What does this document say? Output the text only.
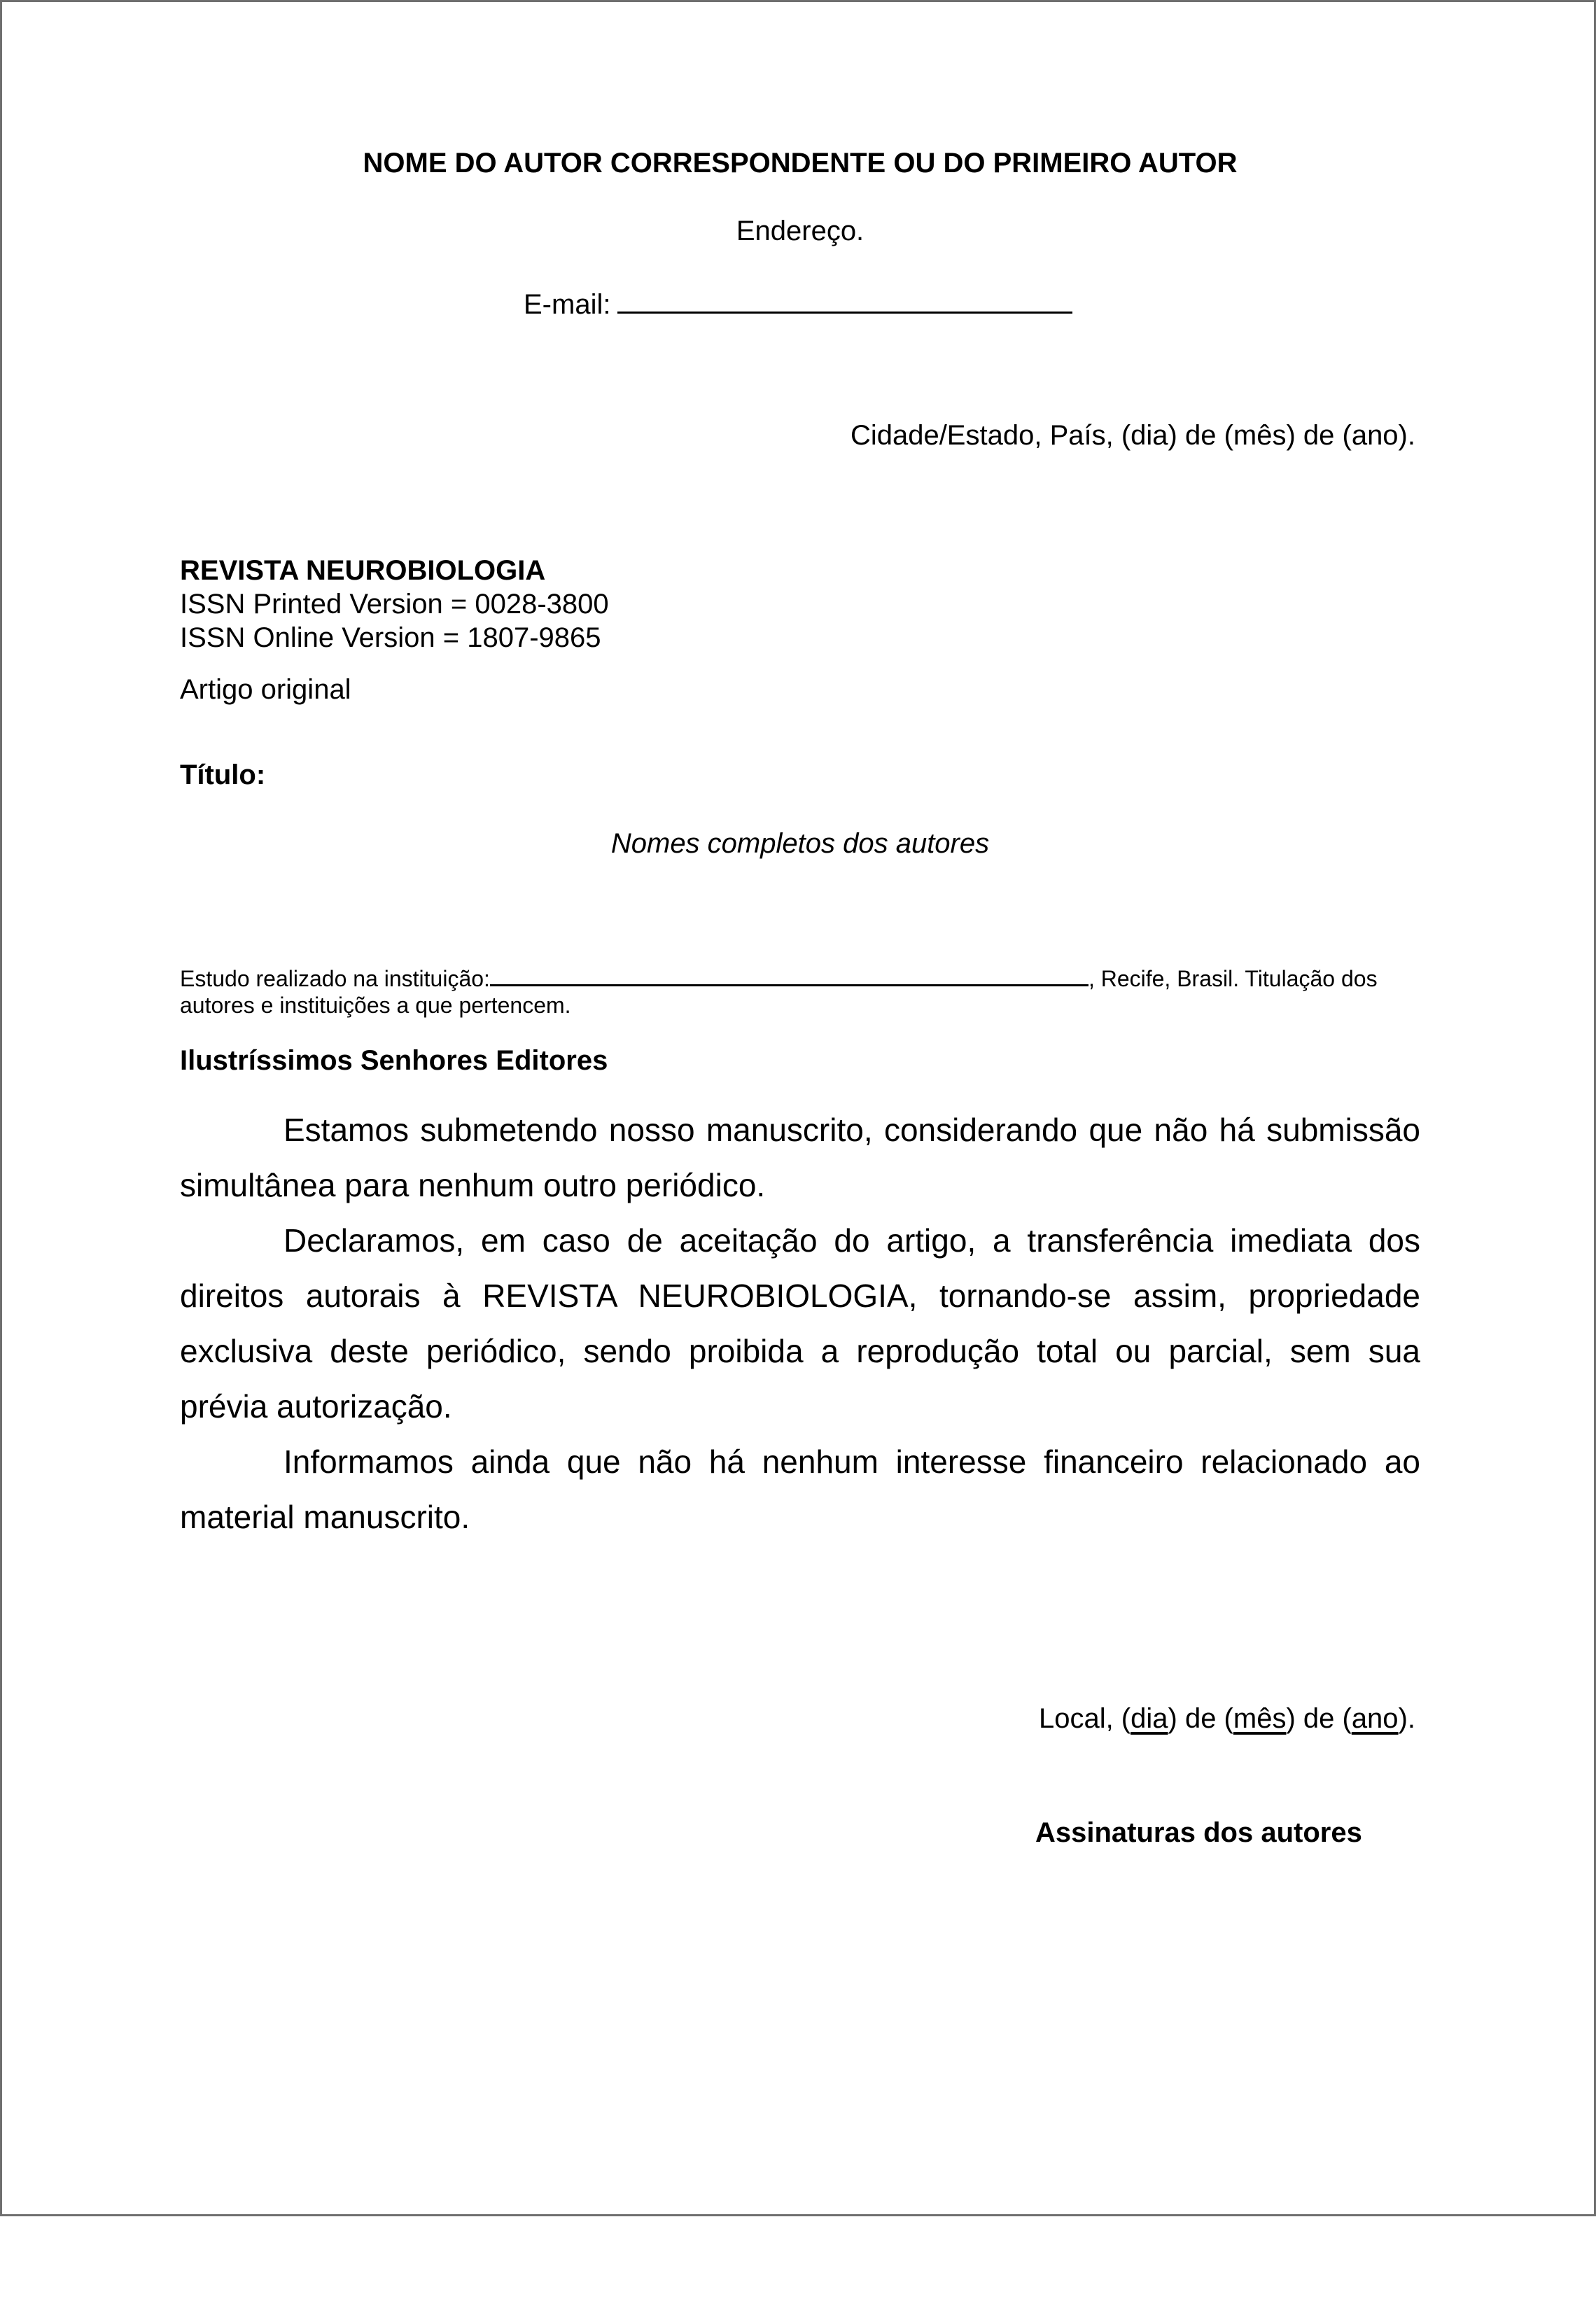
NOME DO AUTOR CORRESPONDENTE OU DO PRIMEIRO AUTOR

Endereço.

E-mail:

Cidade/Estado, País, (dia) de (mês) de (ano).

REVISTA NEUROBIOLOGIA

ISSN Printed Version = 0028-3800

ISSN Online Version = 1807-9865

Artigo original

Título:

Nomes completos dos autores

Estudo realizado na instituição:	, Recife, Brasil. Titulação dos
autores e instituições a que pertencem.

Ilustríssimos Senhores Editores

Estamos submetendo nosso manuscrito, considerando que não há submissão simultânea para nenhum outro periódico.

Declaramos, em caso de aceitação do artigo, a transferência imediata dos direitos autorais à REVISTA NEUROBIOLOGIA, tornando-se assim, propriedade exclusiva deste periódico, sendo proibida a reprodução total ou parcial, sem sua prévia autorização.

Informamos ainda que não há nenhum interesse financeiro relacionado ao material manuscrito.

Local, (dia) de (mês) de (ano).

Assinaturas dos autores
